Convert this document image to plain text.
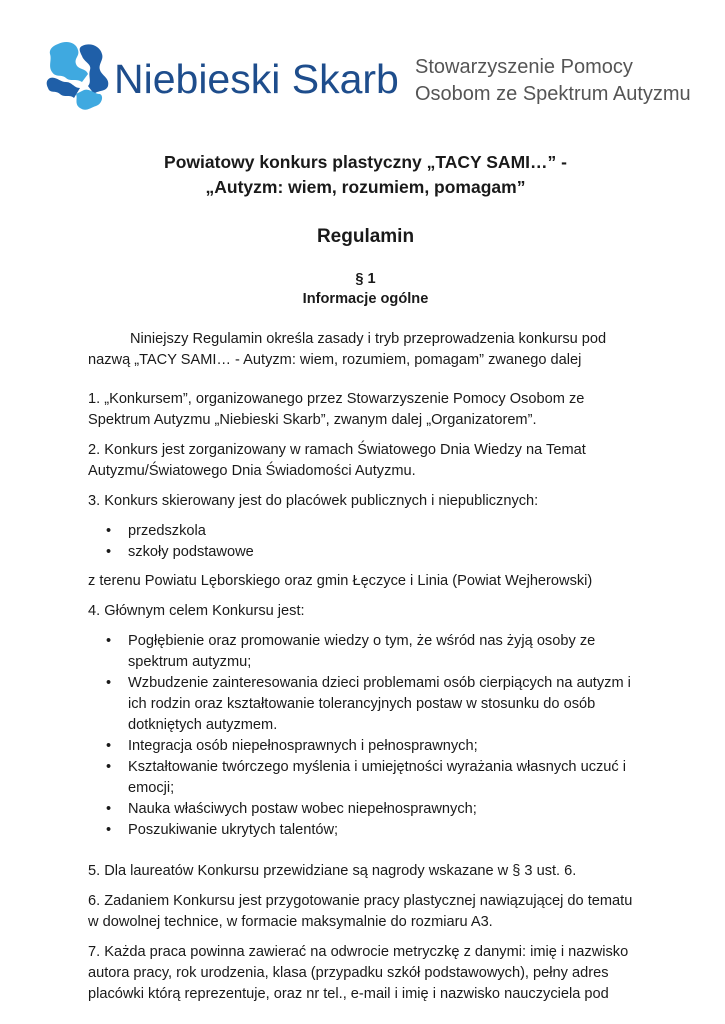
Niebieski Skarb Stowarzyszenie Pomocy
Osobom ze Spektrum Autyzmu
Powiatowy konkurs plastyczny „TACY SAMI…” -
„Autyzm: wiem, rozumiem, pomagam”
Regulamin
§ 1
Informacje ogólne

Niniejszy Regulamin określa zasady i tryb przeprowadzenia konkursu pod nazwą „TACY SAMI… - Autyzm: wiem, rozumiem, pomagam” zwanego dalej

1. „Konkursem”, organizowanego przez Stowarzyszenie Pomocy Osobom ze Spektrum Autyzmu „Niebieski Skarb”, zwanym dalej „Organizatorem”.

2. Konkurs jest zorganizowany w ramach Światowego Dnia Wiedzy na Temat Autyzmu/Światowego Dnia Świadomości Autyzmu.

3. Konkurs skierowany jest do placówek publicznych i niepublicznych:

• przedszkola
• szkoły podstawowe

z terenu Powiatu Lęborskiego oraz gmin Łęczyce i Linia (Powiat Wejherowski)

4. Głównym celem Konkursu jest:

• Pogłębienie oraz promowanie wiedzy o tym, że wśród nas żyją osoby ze spektrum autyzmu;
• Wzbudzenie zainteresowania dzieci problemami osób cierpiących na autyzm i ich rodzin oraz kształtowanie tolerancyjnych postaw w stosunku do osób dotkniętych autyzmem.
• Integracja osób niepełnosprawnych i pełnosprawnych;
• Kształtowanie twórczego myślenia i umiejętności wyrażania własnych uczuć i emocji;
• Nauka właściwych postaw wobec niepełnosprawnych;
• Poszukiwanie ukrytych talentów;

5. Dla laureatów Konkursu przewidziane są nagrody wskazane w § 3 ust. 6.

6. Zadaniem Konkursu jest przygotowanie pracy plastycznej nawiązującej do tematu w dowolnej technice, w formacie maksymalnie do rozmiaru A3.

7. Każda praca powinna zawierać na odwrocie metryczkę z danymi: imię i nazwisko autora pracy, rok urodzenia, klasa (przypadku szkół podstawowych), pełny adres placówki którą reprezentuje, oraz nr tel., e-mail i imię i nazwisko nauczyciela pod
